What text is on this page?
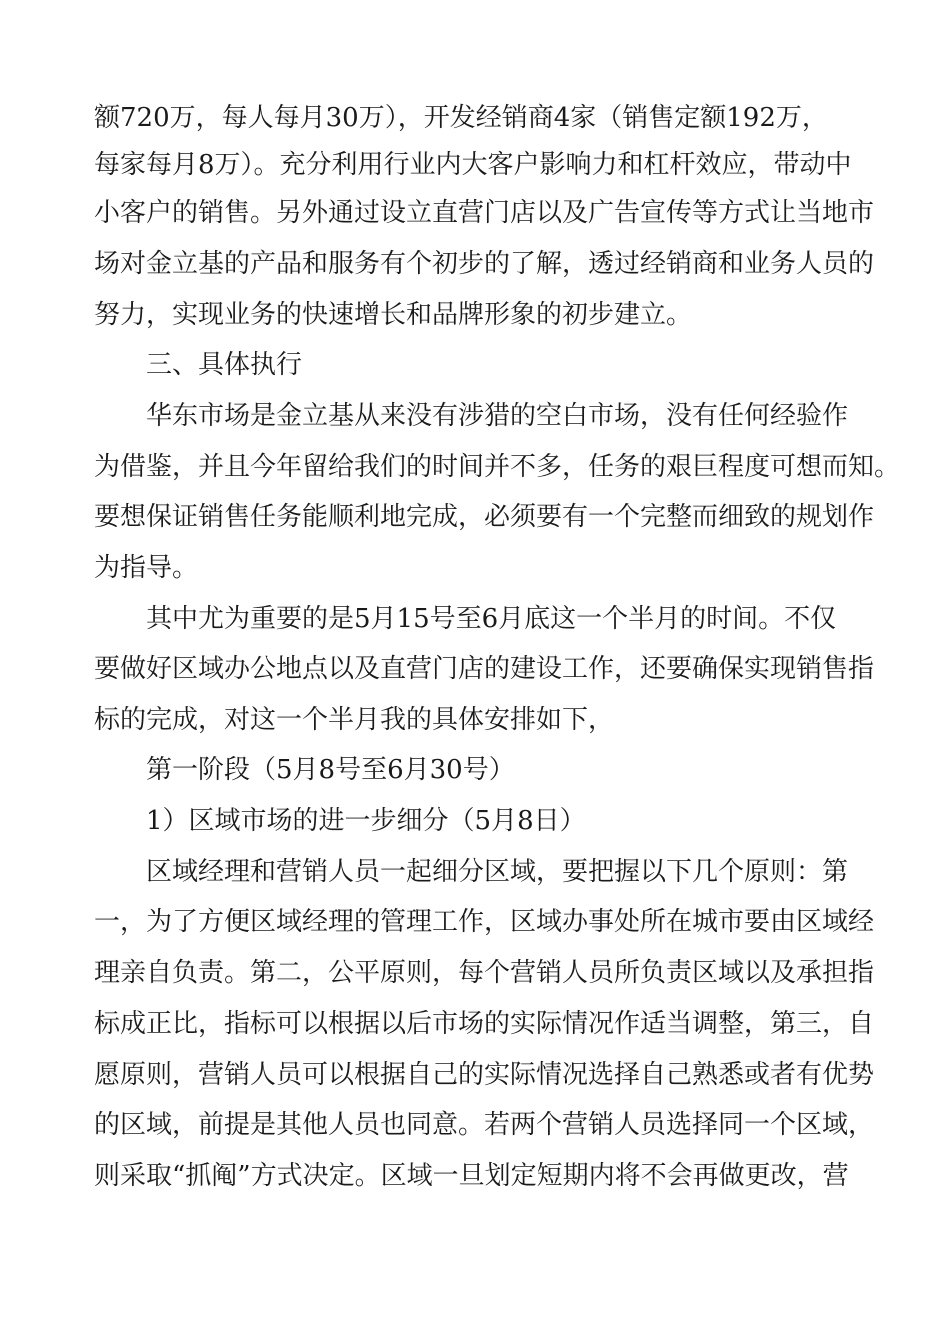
额720万，每人每月30万），开发经销商4家（销售定额192万，

每家每月8万）。充分利用行业内大客户影响力和杠杆效应，带动中

小客户的销售。另外通过设立直营门店以及广告宣传等方式让当地市

场对金立基的产品和服务有个初步的了解，透过经销商和业务人员的

努力，实现业务的快速增长和品牌形象的初步建立。

三、具体执行

华东市场是金立基从来没有涉猎的空白市场，没有任何经验作

为借鉴，并且今年留给我们的时间并不多，任务的艰巨程度可想而知。

要想保证销售任务能顺利地完成，必须要有一个完整而细致的规划作

为指导。

其中尤为重要的是5月15号至6月底这一个半月的时间。不仅

要做好区域办公地点以及直营门店的建设工作，还要确保实现销售指

标的完成，对这一个半月我的具体安排如下，

第一阶段（5月8号至6月30号）

1）区域市场的进一步细分（5月8日）

区域经理和营销人员一起细分区域，要把握以下几个原则：第

一，为了方便区域经理的管理工作，区域办事处所在城市要由区域经

理亲自负责。第二，公平原则，每个营销人员所负责区域以及承担指

标成正比，指标可以根据以后市场的实际情况作适当调整，第三，自

愿原则，营销人员可以根据自己的实际情况选择自己熟悉或者有优势

的区域，前提是其他人员也同意。若两个营销人员选择同一个区域，

则采取“抓阄”方式决定。区域一旦划定短期内将不会再做更改，营
